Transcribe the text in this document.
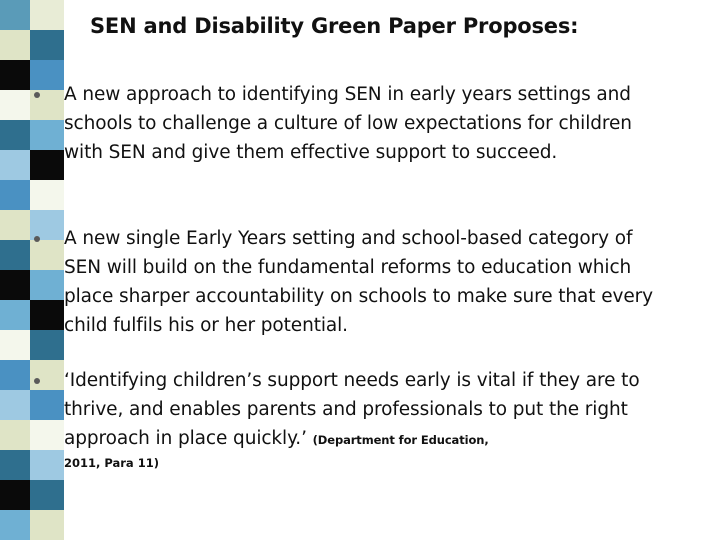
SEN and Disability Green Paper Proposes:
A new approach to identifying SEN in early years settings and schools to challenge a culture of low expectations for children with SEN and give them effective support to succeed.
A new single Early Years setting and school-based category of SEN will build on the fundamental reforms to education which place sharper accountability on schools to make sure that every child fulfils his or her potential.
‘Identifying children’s support needs early is vital if they are to thrive, and enables parents and professionals to put the right approach in place quickly.’ (Department for Education,
2011, Para 11)
